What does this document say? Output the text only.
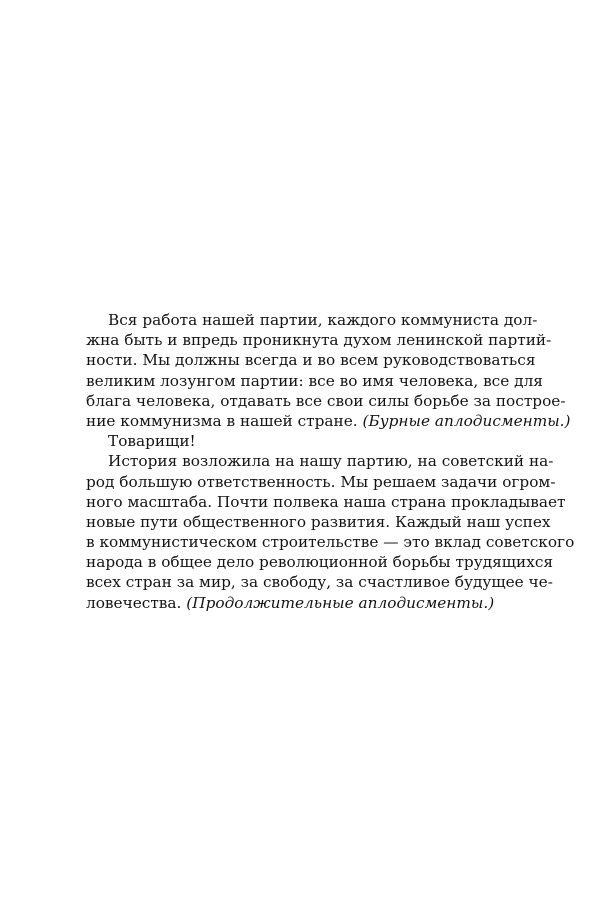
Вся работа нашей партии, каждого коммуниста дол-
жна быть и впредь проникнута духом ленинской партий-
ности. Мы должны всегда и во всем руководствоваться
великим лозунгом партии: все во имя человека, все для
блага человека, отдавать все свои силы борьбе за построе-
ние коммунизма в нашей стране. (Бурные аплодисменты.)
Товарищи!
История возложила на нашу партию, на советский на-
род большую ответственность. Мы решаем задачи огром-
ного масштаба. Почти полвека наша страна прокладывает
новые пути общественного развития. Каждый наш успех
в коммунистическом строительстве — это вклад советского
народа в общее дело революционной борьбы трудящихся
всех стран за мир, за свободу, за счастливое будущее че-
ловечества. (Продолжительные аплодисменты.)
